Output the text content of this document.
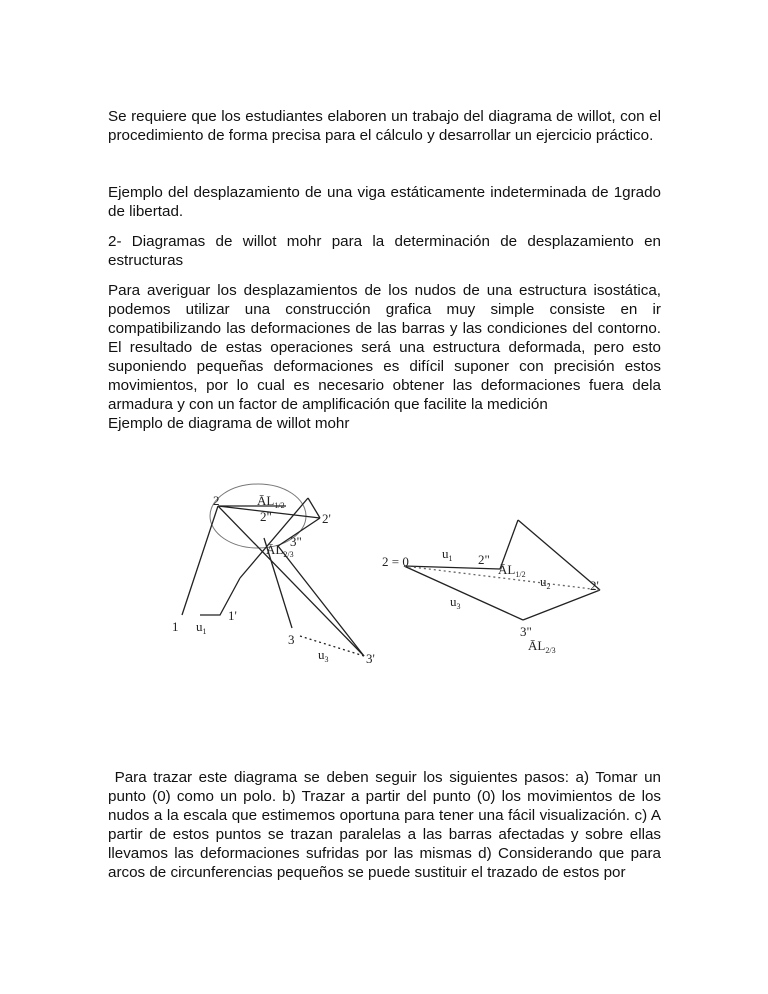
Se requiere que los estudiantes elaboren un trabajo del diagrama de willot, con el procedimiento de forma precisa para el cálculo y desarrollar un ejercicio práctico.

Ejemplo del desplazamiento de una viga estáticamente indeterminada de 1grado de libertad.

2- Diagramas de willot mohr para la determinación de desplazamiento en estructuras

Para averiguar los desplazamientos de los nudos de una estructura isostática, podemos utilizar una construcción grafica muy simple consiste en ir compatibilizando las deformaciones de las barras y las condiciones del contorno. El resultado de estas operaciones será una estructura deformada, pero esto suponiendo pequeñas deformaciones es difícil suponer con precisión estos movimientos, por lo cual es necesario obtener las deformaciones fuera dela armadura y con un factor de amplificación que facilite la medición

Ejemplo de diagrama de willot mohr

1 $u_1$
1'
2	$ĀL_{1/2}$
2"	2'
3"
$ĀL_{2/3}$
3
$u_3$	3'
2 = 0
$u_1$ 2"
$ĀL_{1/2}$ $u_2$	2'
$u_3$
3"
$ĀL_{2/3}$

Para trazar este diagrama se deben seguir los siguientes pasos: a) Tomar un punto (0) como un polo. b) Trazar a partir del punto (0) los movimientos de los nudos a la escala que estimemos oportuna para tener una fácil visualización. c) A partir de estos puntos se trazan paralelas a las barras afectadas y sobre ellas llevamos las deformaciones sufridas por las mismas d) Considerando que para arcos de circunferencias pequeños se puede sustituir el trazado de estos por
